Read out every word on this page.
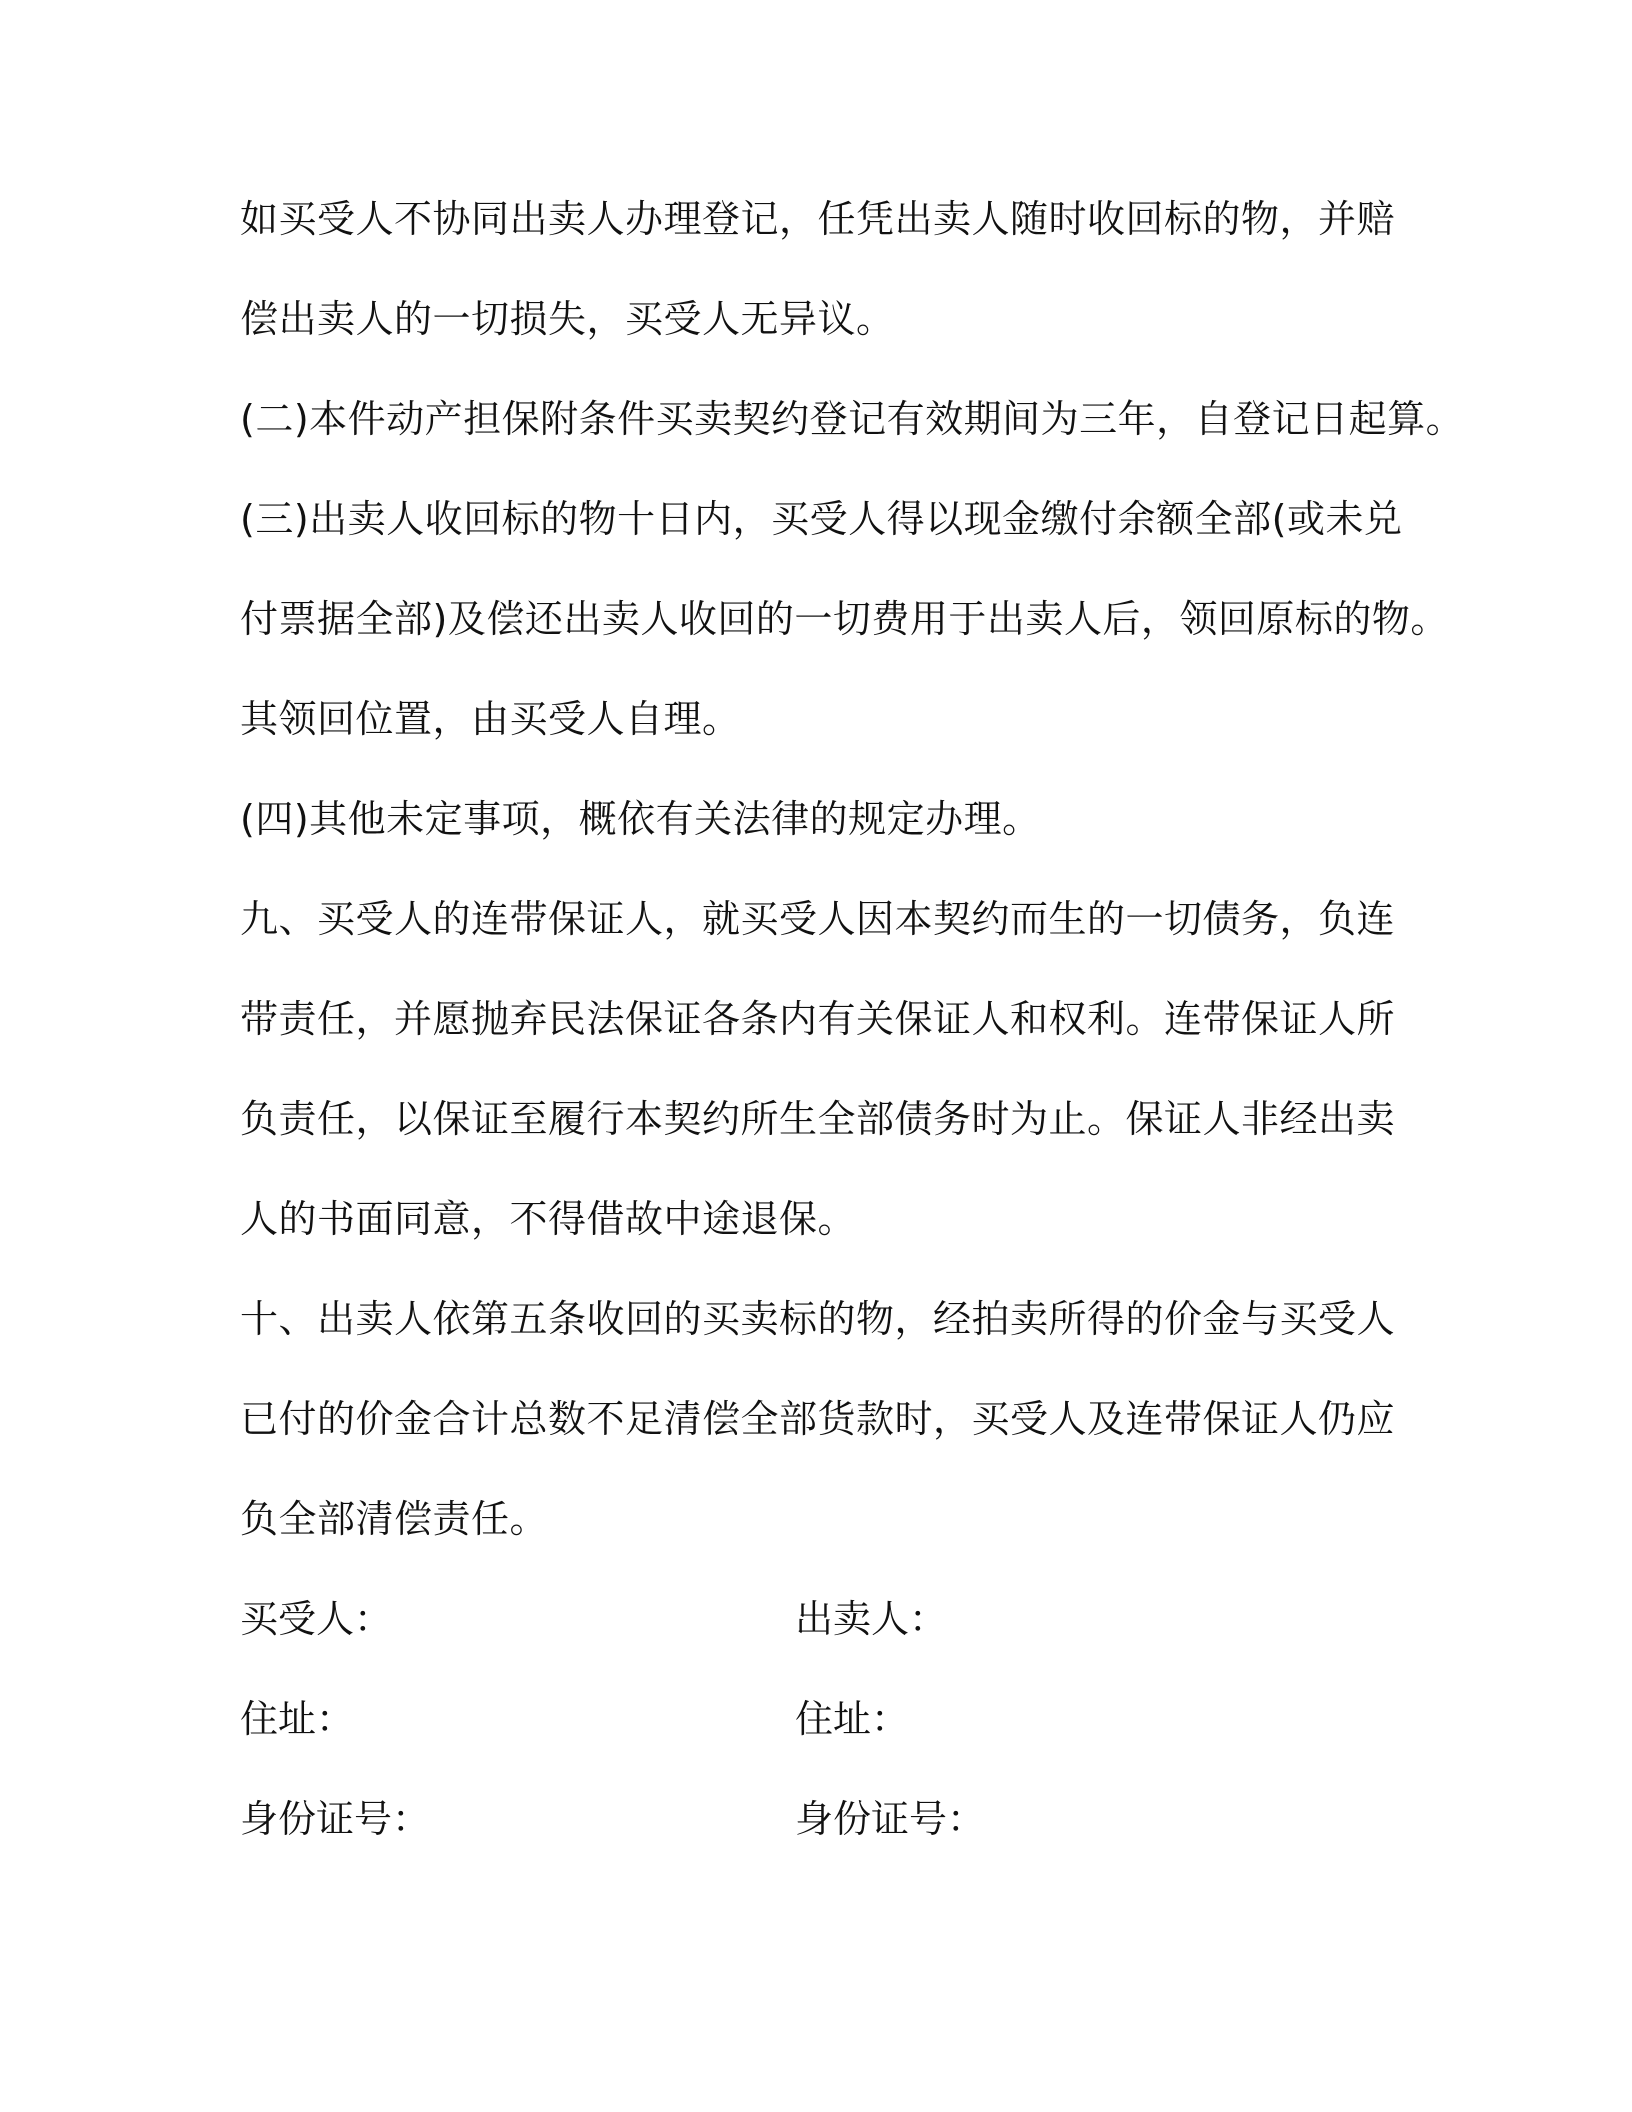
如买受人不协同出卖人办理登记，任凭出卖人随时收回标的物，并赔
偿出卖人的一切损失，买受人无异议。
(二)本件动产担保附条件买卖契约登记有效期间为三年，自登记日起算。
(三)出卖人收回标的物十日内，买受人得以现金缴付余额全部(或未兑
付票据全部)及偿还出卖人收回的一切费用于出卖人后，领回原标的物。
其领回位置，由买受人自理。
(四)其他未定事项，概依有关法律的规定办理。
九、买受人的连带保证人，就买受人因本契约而生的一切债务，负连
带责任，并愿抛弃民法保证各条内有关保证人和权利。连带保证人所
负责任，以保证至履行本契约所生全部债务时为止。保证人非经出卖
人的书面同意，不得借故中途退保。
十、出卖人依第五条收回的买卖标的物，经拍卖所得的价金与买受人
已付的价金合计总数不足清偿全部货款时，买受人及连带保证人仍应
负全部清偿责任。
买受人：	出卖人：
住址：	住址：
身份证号：	身份证号：
